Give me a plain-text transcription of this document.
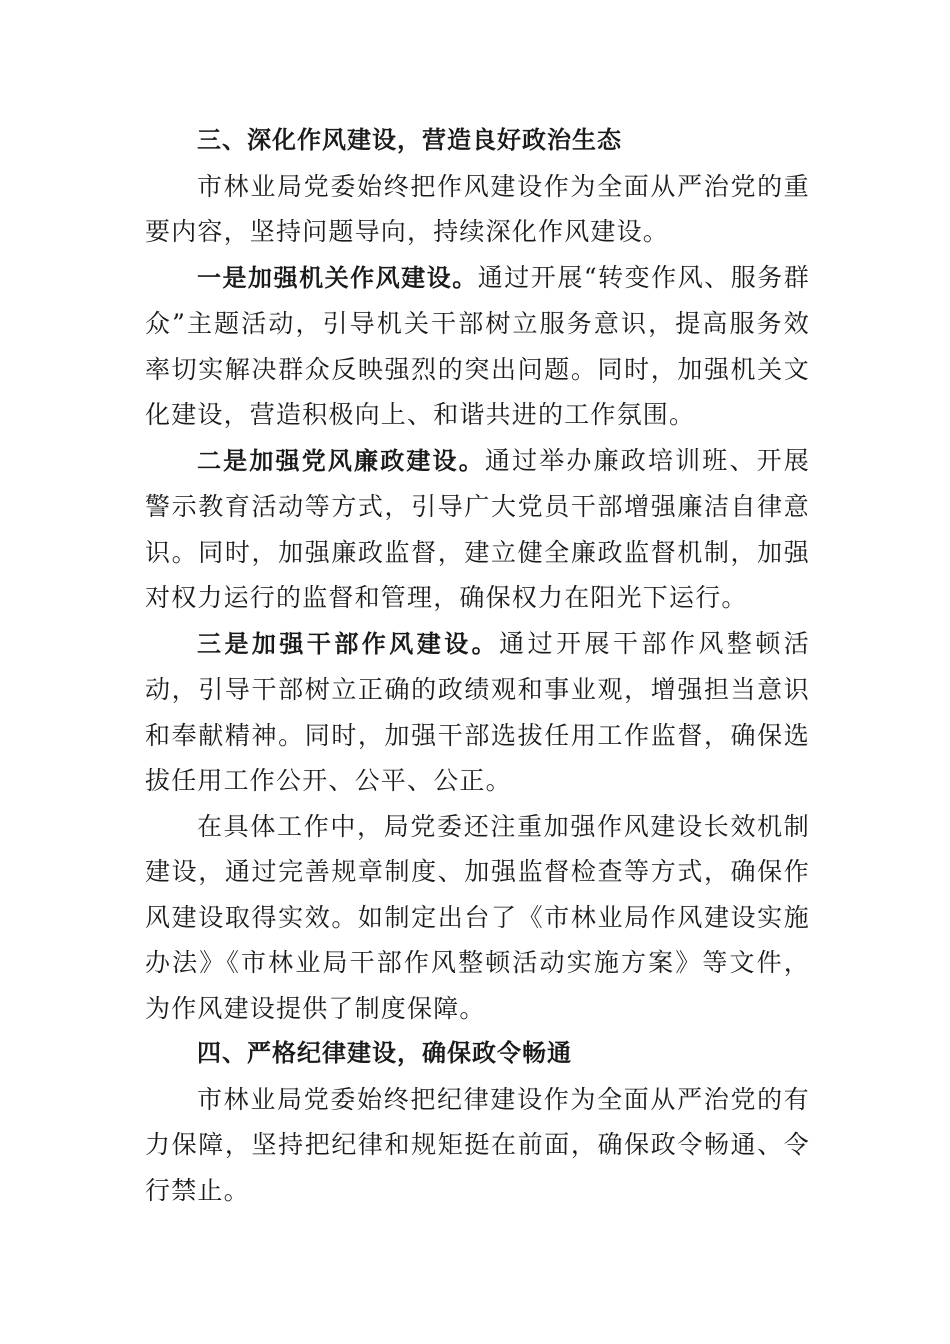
三、深化作风建设，营造良好政治生态

市林业局党委始终把作风建设作为全面从严治党的重要内容，坚持问题导向，持续深化作风建设。

一是加强机关作风建设。通过开展“转变作风、服务群众”主题活动，引导机关干部树立服务意识，提高服务效率切实解决群众反映强烈的突出问题。同时，加强机关文化建设，营造积极向上、和谐共进的工作氛围。

二是加强党风廉政建设。通过举办廉政培训班、开展警示教育活动等方式，引导广大党员干部增强廉洁自律意识。同时，加强廉政监督，建立健全廉政监督机制，加强对权力运行的监督和管理，确保权力在阳光下运行。

三是加强干部作风建设。通过开展干部作风整顿活动，引导干部树立正确的政绩观和事业观，增强担当意识和奉献精神。同时，加强干部选拔任用工作监督，确保选拔任用工作公开、公平、公正。

在具体工作中，局党委还注重加强作风建设长效机制建设，通过完善规章制度、加强监督检查等方式，确保作风建设取得实效。如制定出台了《市林业局作风建设实施办法》《市林业局干部作风整顿活动实施方案》等文件，为作风建设提供了制度保障。

四、严格纪律建设，确保政令畅通

市林业局党委始终把纪律建设作为全面从严治党的有力保障，坚持把纪律和规矩挺在前面，确保政令畅通、令行禁止。
